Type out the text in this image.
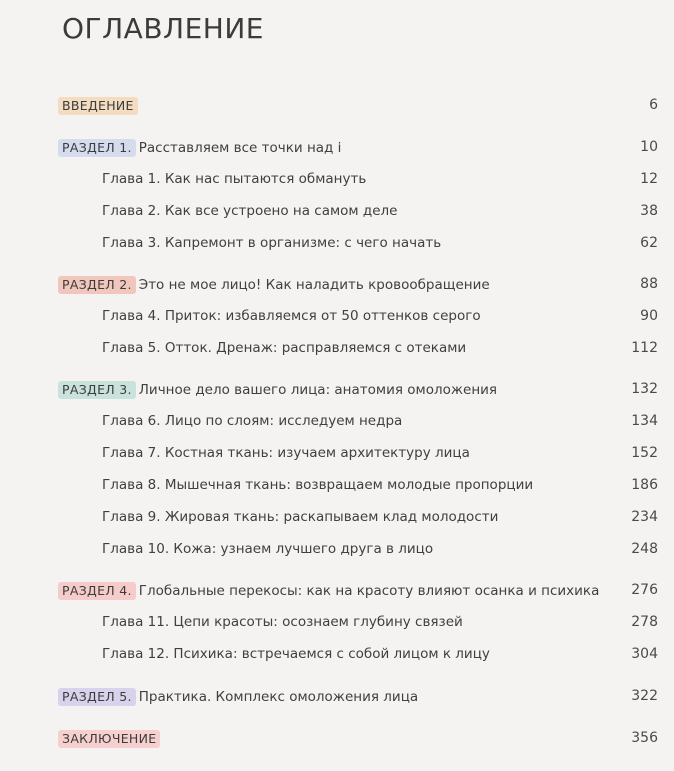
ОГЛАВЛЕНИЕ
ВВЕДЕНИЕ	6
РАЗДЕЛ 1. Расставляем все точки над i	10
Глава 1. Как нас пытаются обмануть	12
Глава 2. Как все устроено на самом деле	38
Глава 3. Капремонт в организме: с чего начать	62
РАЗДЕЛ 2. Это не мое лицо! Как наладить кровообращение	88
Глава 4. Приток: избавляемся от 50 оттенков серого	90
Глава 5. Отток. Дренаж: расправляемся с отеками	112
РАЗДЕЛ 3. Личное дело вашего лица: анатомия омоложения	132
Глава 6. Лицо по слоям: исследуем недра	134
Глава 7. Костная ткань: изучаем архитектуру лица	152
Глава 8. Мышечная ткань: возвращаем молодые пропорции	186
Глава 9. Жировая ткань: раскапываем клад молодости	234
Глава 10. Кожа: узнаем лучшего друга в лицо	248
РАЗДЕЛ 4. Глобальные перекосы: как на красоту влияют осанка и психика 276
Глава 11. Цепи красоты: осознаем глубину связей	278
Глава 12. Психика: встречаемся с собой лицом к лицу	304
РАЗДЕЛ 5. Практика. Комплекс омоложения лица	322
ЗАКЛЮЧЕНИЕ	356
